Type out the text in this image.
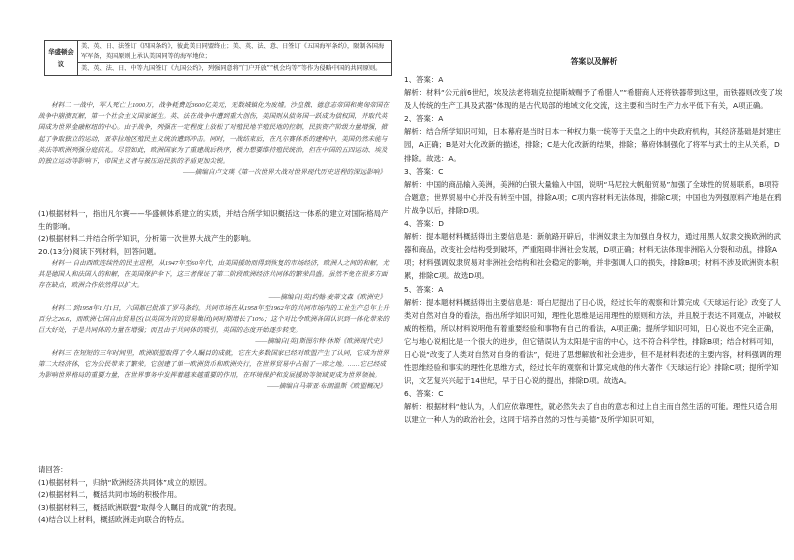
华盛顿会议	美、英、日、法签订《四国条约》，彼此美日同盟终止；美、英、法、意、日签订《五国海军条约》，限制各国海军军备，英国原则上承认美国同等的海军地位；
美、英、法、日、中等九国签订《九国公约》，列强同意将“门户开放”“机会均等”等作为侵略中国的共同原则。

材料二 一战中，军人死亡上1000万，战争耗费近3600亿美元，无数城镇化为废墟。沙皇俄、德意志帝国和奥匈帝国在战争中崩溃瓦解，第一个社会主义国家诞生。英、法在战争中遭到重大创伤，美国则从债务国一跃成为债权国，并取代英国成为世界金融枢纽的中心。由于战争，列强在一定程度上放松了对殖民地半殖民地的控制，民族资产阶级力量增强，掀起了争取独立的运动，亚非拉地区殖民主义统治遭到冲击。同时，一战结束后，在凡尔赛体系的建构中，美国仍然未能与英法等欧洲列强分庭抗礼。尽管如此，欧洲国家为了重建战后秩序，极力想要维持殖民统治，但在中国的五四运动、埃及的独立运动等影响下，帝国主义者与被压迫民族的矛盾更加尖锐。

——摘编自卢文瑛《第一次世界大战对世界现代历史进程的深远影响》

(1)根据材料一，指出凡尔赛——华盛顿体系建立的实质，并结合所学知识概括这一体系的建立对国际格局产生的影响。

(2)根据材料二并结合所学知识，分析第一次世界大战产生的影响。

20.(13分)阅读下列材料，回答问题。

材料一 自由西欧连续性的民主进程，从1947年至60年代，由美国援助而得到恢复的市场经济，欧洲人之间的和解，尤其是德国人和法国人的和解，在美国保护伞下，这三者保证了第二阶段欧洲经济共同体的繁荣昌盛。虽然不免在很多方面存在缺点，欧洲合作依然得以扩大。

——摘编自[英]约翰·麦蒂文森《欧洲史》

材料二 到1958年1月1日，六国都已批准了罗马条约。共同市场在从1958年至1962年的共同市场内的工业生产总年上升百分之26.6，而欧洲七国自由贸易区(以英国为首的贸易集团)同时期增长了10%；这个对比令欧洲各国认识到一体化带来的巨大好处，于是共同体的力量在增强；而且由于共同体的吸引，英国的态度开始逐步转变。

——摘编自[英]斯图尔特·休斯《欧洲现代史》

材料三 在短短的三年时间里，欧洲联盟取得了令人瞩目的成就，它在大多数国家已经对欧盟产生了认同，它成为世界第二大经济体，它为公民带来了繁荣。它创建了单一欧洲货币和欧洲央行，在世界贸易中占据了一席之地。……它已经成为影响世界格局的重要力量，在世界事务中发挥着越来越重要的作用，在环境保护和发展援助等领域更成为世界领袖。

——摘编自马蒂亚·布朗温斯《欧盟概况》

请回答：

(1)根据材料一，归纳“欧洲经济共同体”成立的原因。

(2)根据材料二，概括共同市场的积极作用。

(3)根据材料三，概括欧洲联盟“取得令人瞩目的成就”的表现。

(4)结合以上材料，概括欧洲走向联合的特点。

答案以及解析

1、答案：A

解析：材料“公元前6世纪，埃及法老将瑞克拉提斯城赐予了希腊人”“希腊商人还将铁器带到这里，而铁器则改变了埃及人传统的生产工具及武器”体现的是古代局部的地域文化交流，这主要和当时生产力水平低下有关，A项正确。

2、答案：A

解析：结合所学知识可知，日本幕府是当时日本一种权力集一统等于天皇之上的中央政府机构，其经济基础是封建庄园，A正确；B是对大化改新的描述，排除；C是大化改新的结果，排除；幕府体制强化了将军与武士的主从关系，D排除。故选：A。

3、答案：C

解析：中国的商品输入美洲，美洲的白银大量输入中国，说明“马尼拉大帆船贸易”加强了全球性的贸易联系，B项符合题意；世界贸易中心并没有转至中国，排除A项；C项内容材料无法体现，排除C项；中国也为列强原料产地是在鸦片战争以后，排除D项。

4、答案：D

解析：提本题材料概括得出主要信息是：新航路开辟后，非洲奴隶主为加强自身权力，通过用黑人奴隶交换欧洲的武器和商品，改变社会结构受到破坏，严重阻碍非洲社会发展，D项正确；材料无法体现非洲陷入分裂和动乱，排除A项；材料强调奴隶贸易对非洲社会结构和社会稳定的影响，并非强调人口的损失，排除B项；材料不涉及欧洲资本积累，排除C项。故选D项。

5、答案：A

解析：提本题材料概括得出主要信息是：哥白尼提出了日心说，经过长年的观察和计算完成《天球运行论》改变了人类对自然对自身的看法，指出所学知识可知，理性化思维是运用理性的原则和方法，并且脱于表达不同观点，冲破权威的桎梏，所以材料说明他有着重要经验和事物有自己的看法，A项正确；提所学知识可知，日心说也不完全正确，它与地心说相比是一个很大的进步，但它错误认为太阳是宇宙的中心，这不符合科学性，排除B项；结合材料可知，日心说“改变了人类对自然对自身的看法”，促进了思想解放和社会进步，但不是材料表述的主要内容，材料强调的理性思维经验和事实的理性化思维方式，经过长年的观察和计算完成他的伟大著作《天球运行论》排除C项；提所学知识，文艺复兴兴起于14世纪，早于日心说的提出，排除D项。故选A。

6、答案：C

解析：根据材料“他认为，人们应依靠理性，就必然失去了自由的意志和过上自主而自然生活的可能。理性只适合用以建立一种人为的政治社会，这同于培养自然的习性与美德”及所学知识可知，
